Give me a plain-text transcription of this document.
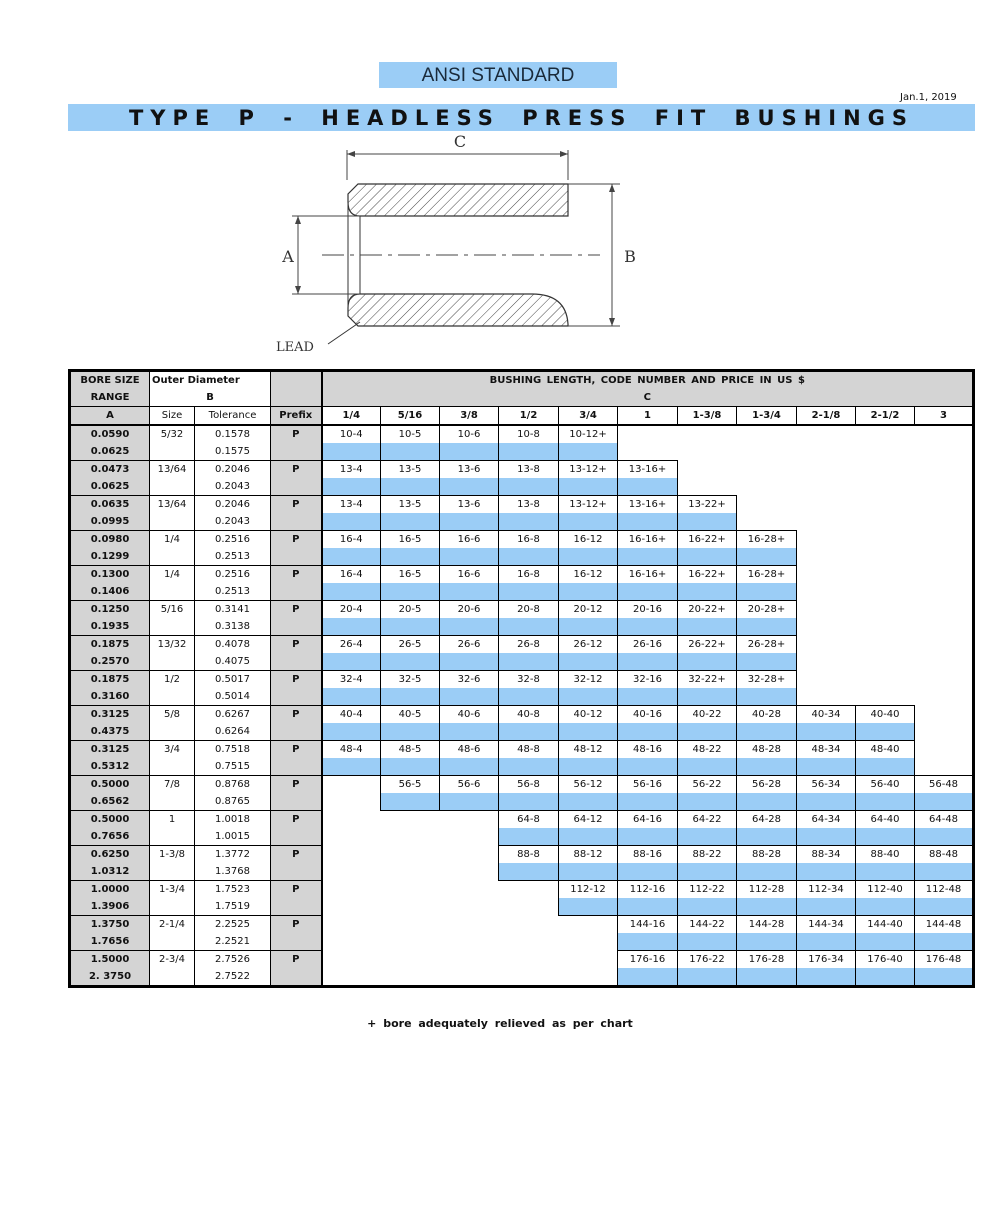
ANSI STANDARD
Jan.1, 2019
TYPE P - HEADLESS PRESS FIT BUSHINGS
C
A	B
LEAD
BORE SIZE	Outer Diameter			BUSHING LENGTH, CODE NUMBER AND PRICE IN US $										
RANGE	B			C										
A	Size	Tolerance	Prefix	1/4	5/16	3/8	1/2	3/4	1	1-3/8	1-3/4	2-1/8	2-1/2	3
0.0590	5/32	0.1578	P	10-4	10-5	10-6	10-8	10-12+						
0.0625		0.1575												
0.0473	13/64	0.2046	P	13-4	13-5	13-6	13-8	13-12+	13-16+					
0.0625		0.2043												
0.0635	13/64	0.2046	P	13-4	13-5	13-6	13-8	13-12+	13-16+	13-22+				
0.0995		0.2043												
0.0980	1/4	0.2516	P	16-4	16-5	16-6	16-8	16-12	16-16+	16-22+	16-28+			
0.1299		0.2513												
0.1300	1/4	0.2516	P	16-4	16-5	16-6	16-8	16-12	16-16+	16-22+	16-28+			
0.1406		0.2513												
0.1250	5/16	0.3141	P	20-4	20-5	20-6	20-8	20-12	20-16	20-22+	20-28+			
0.1935		0.3138												
0.1875	13/32	0.4078	P	26-4	26-5	26-6	26-8	26-12	26-16	26-22+	26-28+			
0.2570		0.4075												
0.1875	1/2	0.5017	P	32-4	32-5	32-6	32-8	32-12	32-16	32-22+	32-28+			
0.3160		0.5014												
0.3125	5/8	0.6267	P	40-4	40-5	40-6	40-8	40-12	40-16	40-22	40-28	40-34	40-40	
0.4375		0.6264												
0.3125	3/4	0.7518	P	48-4	48-5	48-6	48-8	48-12	48-16	48-22	48-28	48-34	48-40	
0.5312		0.7515												
0.5000	7/8	0.8768	P		56-5	56-6	56-8	56-12	56-16	56-22	56-28	56-34	56-40	56-48
0.6562		0.8765												
0.5000	1	1.0018	P				64-8	64-12	64-16	64-22	64-28	64-34	64-40	64-48
0.7656		1.0015												
0.6250	1-3/8	1.3772	P				88-8	88-12	88-16	88-22	88-28	88-34	88-40	88-48
1.0312		1.3768												
1.0000	1-3/4	1.7523	P					112-12	112-16	112-22	112-28	112-34	112-40	112-48
1.3906		1.7519												
1.3750	2-1/4	2.2525	P						144-16	144-22	144-28	144-34	144-40	144-48
1.7656		2.2521												
1.5000	2-3/4	2.7526	P						176-16	176-22	176-28	176-34	176-40	176-48
2. 3750		2.7522												
+ bore adequately relieved as per chart
